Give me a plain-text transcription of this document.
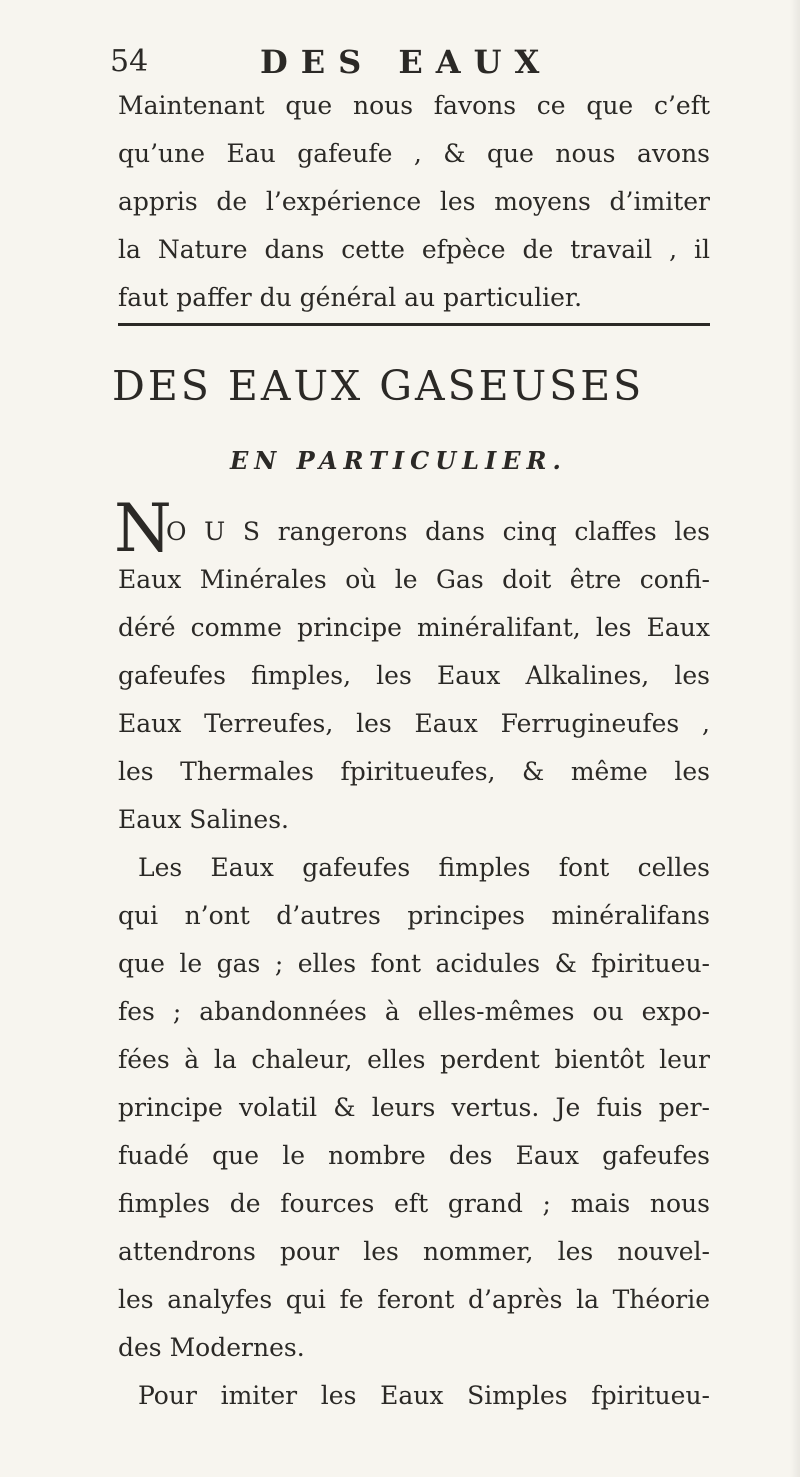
54	DES EAUX
Maintenant que nous favons ce que c’eft
qu’une Eau gafeufe , & que nous avons
appris de l’expérience les moyens d’imiter
la Nature dans cette efpèce de travail , il
faut paffer du général au particulier.
DES EAUX GASEUSES
EN PARTICULIER.
N
O U S rangerons dans cinq claffes les
Eaux Minérales où le Gas doit être confi-
déré comme principe minéralifant, les Eaux
gafeufes fimples, les Eaux Alkalines, les
Eaux Terreufes, les Eaux Ferrugineufes ,
les Thermales fpiritueufes, & même les
Eaux Salines.
Les Eaux gafeufes fimples font celles
qui n’ont d’autres principes minéralifans
que le gas ; elles font acidules & fpiritueu-
fes ; abandonnées à elles-mêmes ou expo-
fées à la chaleur, elles perdent bientôt leur
principe volatil & leurs vertus. Je fuis per-
fuadé que le nombre des Eaux gafeufes
fimples de fources eft grand ; mais nous
attendrons pour les nommer, les nouvel-
les analyfes qui fe feront d’après la Théorie
des Modernes.
Pour imiter les Eaux Simples fpiritueu-
